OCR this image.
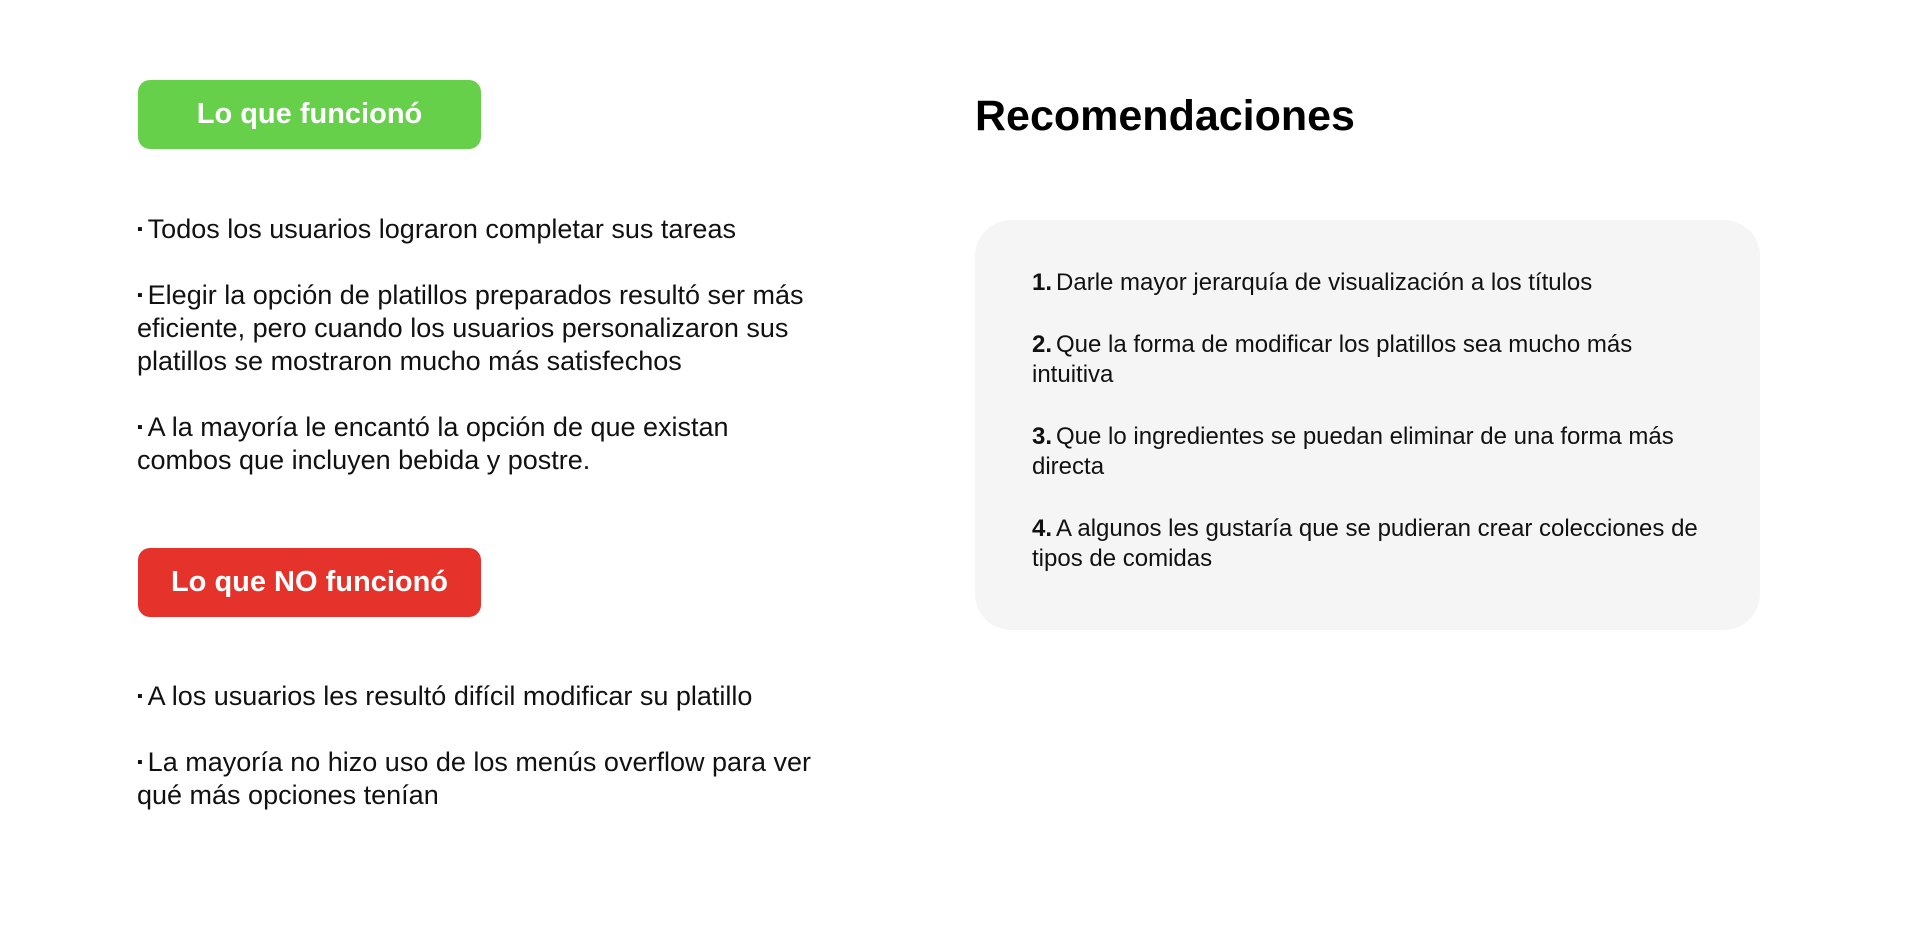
Lo que funcionó
▪ Todos los usuarios lograron completar sus tareas
▪ Elegir la opción de platillos preparados resultó ser más eficiente, pero cuando los usuarios personalizaron sus platillos se mostraron mucho más satisfechos
▪ A la mayoría le encantó la opción de que existan combos que incluyen bebida y postre.
Lo que NO funcionó
▪ A los usuarios les resultó difícil modificar su platillo
▪ La mayoría no hizo uso de los menús overflow para ver qué más opciones tenían
Recomendaciones
1. Darle mayor jerarquía de visualización a los títulos
2. Que la forma de modificar los platillos sea mucho más intuitiva
3. Que lo ingredientes se puedan eliminar de una forma más directa
4. A algunos les gustaría que se pudieran crear colecciones de tipos de comidas
